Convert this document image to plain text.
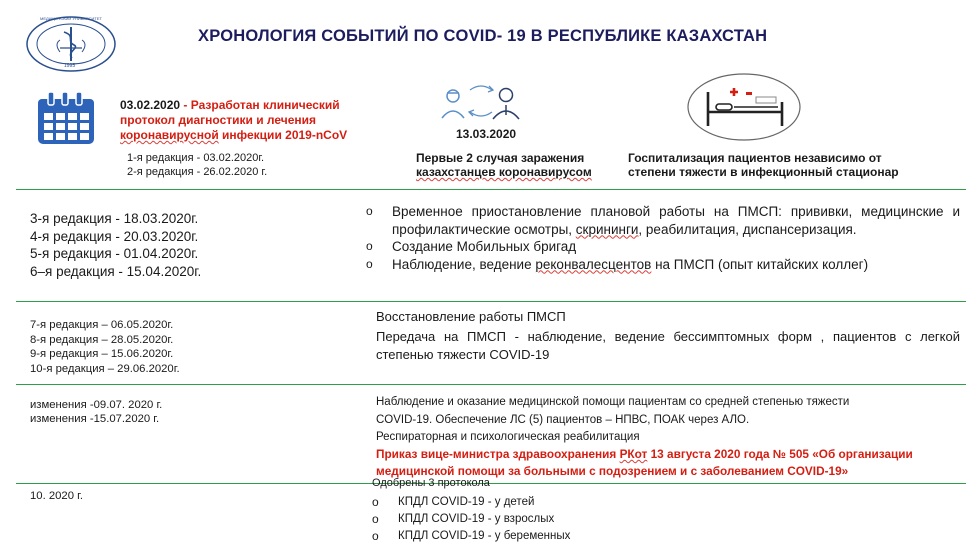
МЕДИЦИНСКИЙ УНИВЕРСИТЕТ
1995
ХРОНОЛОГИЯ СОБЫТИЙ ПО COVID- 19 В РЕСПУБЛИКЕ КАЗАХСТАН
03.02.2020 - Разработан клинический
протокол диагностики и лечения
коронавирусной инфекции 2019-nCoV
1-я редакция - 03.02.2020г.
2-я редакция - 26.02.2020 г.
13.03.2020
Первые 2 случая заражения
казахстанцев коронавирусом
Госпитализация пациентов независимо от
степени тяжести в инфекционный стационар
3-я редакция - 18.03.2020г.
4-я редакция - 20.03.2020г.
5-я редакция - 01.04.2020г.
6–я редакция - 15.04.2020г.
o Временное приостановление плановой работы на ПМСП: прививки, медицинские и профилактические осмотры, скрининги, реабилитация, диспансеризация.
o Создание Мобильных бригад
o Наблюдение, ведение реконвалесцентов на ПМСП (опыт китайских коллег)
7-я редакция – 06.05.2020г.
8-я редакция – 28.05.2020г.
9-я редакция – 15.06.2020г.
10-я редакция – 29.06.2020г.
Восстановление работы ПМСП
Передача на ПМСП - наблюдение, ведение бессимптомных форм , пациентов с легкой степенью тяжести COVID-19
изменения -09.07. 2020 г.
изменения -15.07.2020 г.
Наблюдение и оказание медицинской помощи пациентам со средней степенью тяжести
COVID-19. Обеспечение ЛС (5) пациентов – НПВС, ПОАК через АЛО.
Респираторная и психологическая реабилитация
Приказ вице-министра здравоохранения РКот 13 августа 2020 года № 505 «Об организации
медицинской помощи за больными с подозрением и с заболеванием COVID-19»
10. 2020 г.
Одобрены 3 протокола
o КПДЛ COVID-19 - у детей
o КПДЛ COVID-19 - у взрослых
o КПДЛ COVID-19 - у беременных
